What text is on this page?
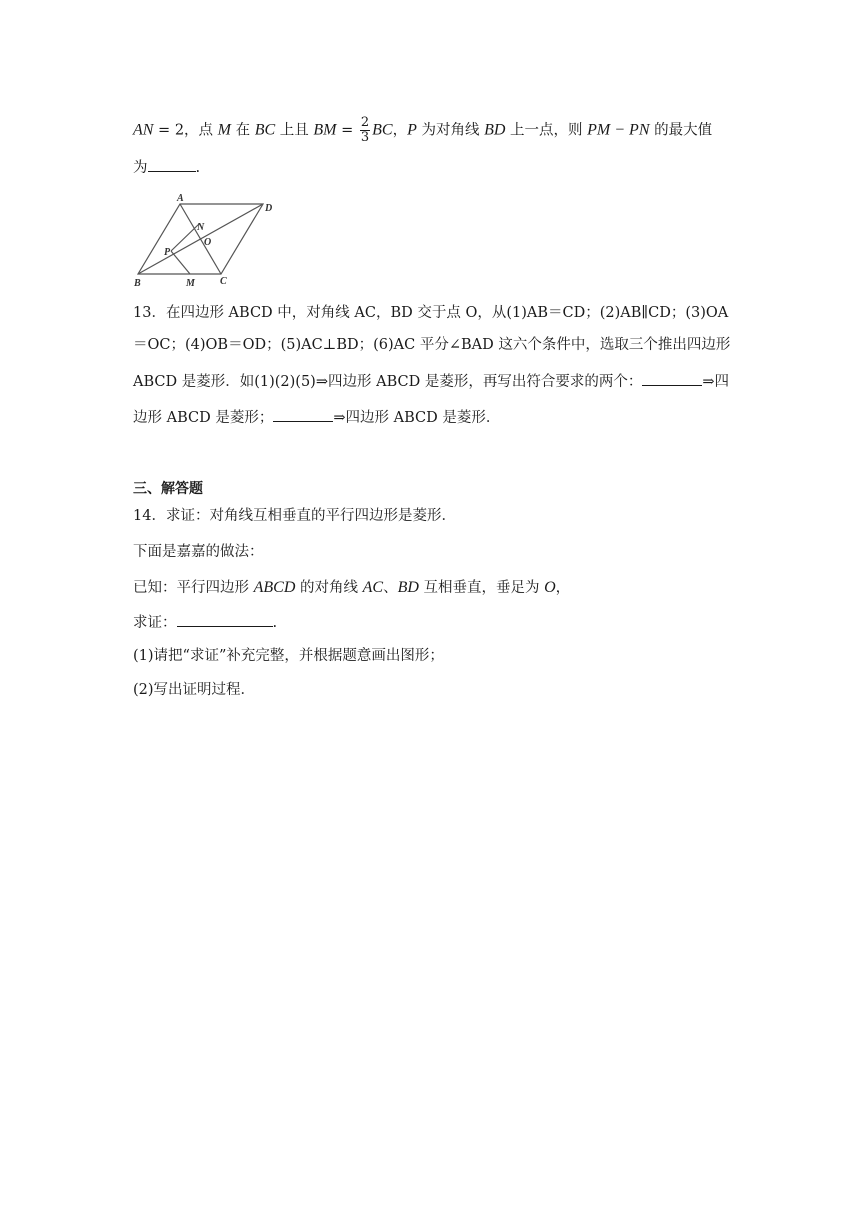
AN = 2，点 M 在 BC 上且 BM = $\frac{2}{3}$ BC，P 为对角线 BD 上一点，则 PM − PN 的最大值
为	.
A
D
N
O
P
B	M	C
13．在四边形 ABCD 中，对角线 AC，BD 交于点 O，从(1)AB＝CD；(2)AB∥CD；(3)OA
＝OC；(4)OB＝OD；(5)AC⊥BD；(6)AC 平分∠BAD 这六个条件中，选取三个推出四边形
ABCD 是菱形．如(1)(2)(5)⇒四边形 ABCD 是菱形，再写出符合要求的两个：	⇒四
边形 ABCD 是菱形；	⇒四边形 ABCD 是菱形．
三、解答题
14．求证：对角线互相垂直的平行四边形是菱形．
下面是嘉嘉的做法：
已知：平行四边形 ABCD 的对角线 AC、BD 互相垂直，垂足为 O，
求证：	.
(1)请把“求证”补充完整，并根据题意画出图形；
(2)写出证明过程．
